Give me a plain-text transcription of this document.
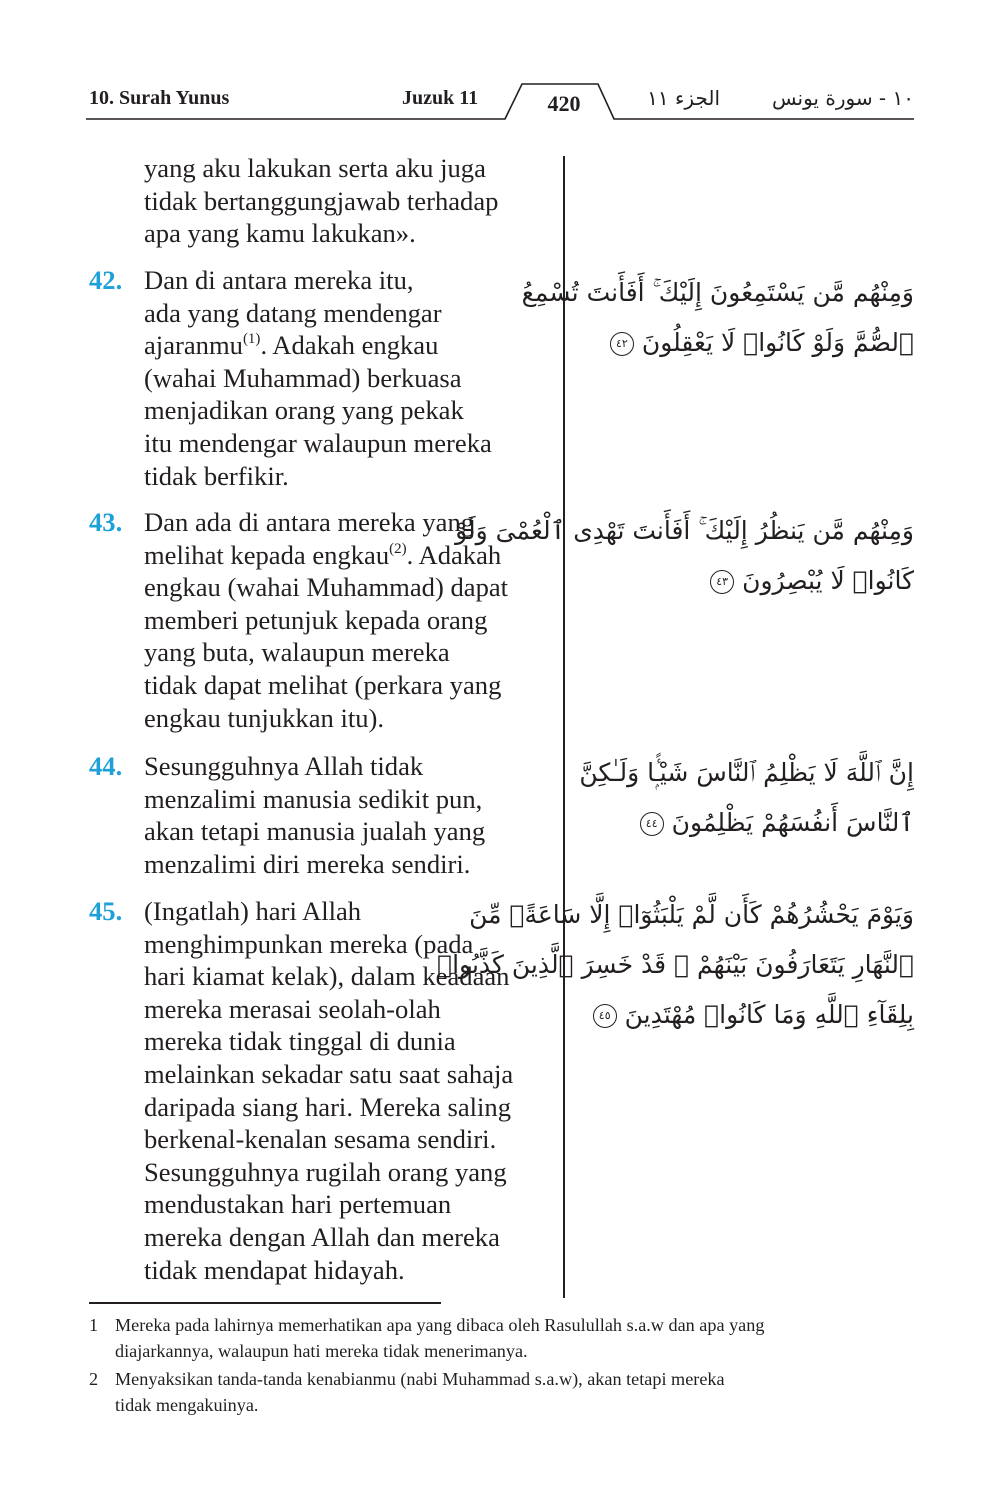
10. Surah Yunus	Juzuk 11	420	الجزء ١١	١٠ - سورة يونس
yang aku lakukan serta aku juga
tidak bertanggungjawab terhadap
apa yang kamu lakukan».
42. Dan di antara mereka itu,
ada yang datang mendengar
ajaranmu$^{(1)}$. Adakah engkau
(wahai Muhammad) berkuasa
menjadikan orang yang pekak
itu mendengar walaupun mereka
tidak berfikir.
43. Dan ada di antara mereka yang
melihat kepada engkau$^{(2)}$. Adakah
engkau (wahai Muhammad) dapat
memberi petunjuk kepada orang
yang buta, walaupun mereka
tidak dapat melihat (perkara yang
engkau tunjukkan itu).
44. Sesungguhnya Allah tidak
menzalimi manusia sedikit pun,
akan tetapi manusia jualah yang
menzalimi diri mereka sendiri.
45. (Ingatlah) hari Allah
menghimpunkan mereka (pada
hari kiamat kelak), dalam keadaan
mereka merasai seolah-olah
mereka tidak tinggal di dunia
melainkan sekadar satu saat sahaja
daripada siang hari. Mereka saling
berkenal-kenalan sesama sendiri.
Sesungguhnya rugilah orang yang
mendustakan hari pertemuan
mereka dengan Allah dan mereka
tidak mendapat hidayah.
وَمِنْهُم مَّن يَسْتَمِعُونَ إِلَيْكَ ۚ أَفَأَنتَ تُسْمِعُ
ٱلصُّمَّ وَلَوْ كَانُوا۟ لَا يَعْقِلُونَ ٤٢
وَمِنْهُم مَّن يَنظُرُ إِلَيْكَ ۚ أَفَأَنتَ تَهْدِى ٱلْعُمْىَ وَلَوْ
كَانُوا۟ لَا يُبْصِرُونَ ٤٣
إِنَّ ٱللَّهَ لَا يَظْلِمُ ٱلنَّاسَ شَيْـًۭٔا وَلَـٰكِنَّ
ٱلنَّاسَ أَنفُسَهُمْ يَظْلِمُونَ ٤٤
وَيَوْمَ يَحْشُرُهُمْ كَأَن لَّمْ يَلْبَثُوٓا۟ إِلَّا سَاعَةًۭ مِّنَ
ٱلنَّهَارِ يَتَعَارَفُونَ بَيْنَهُمْ ۚ قَدْ خَسِرَ ٱلَّذِينَ كَذَّبُوا۟
بِلِقَآءِ ٱللَّهِ وَمَا كَانُوا۟ مُهْتَدِينَ ٤٥
1 Mereka pada lahirnya memerhatikan apa yang dibaca oleh Rasulullah s.a.w dan apa yang
diajarkannya, walaupun hati mereka tidak menerimanya.
2 Menyaksikan tanda-tanda kenabianmu (nabi Muhammad s.a.w), akan tetapi mereka
tidak mengakuinya.
